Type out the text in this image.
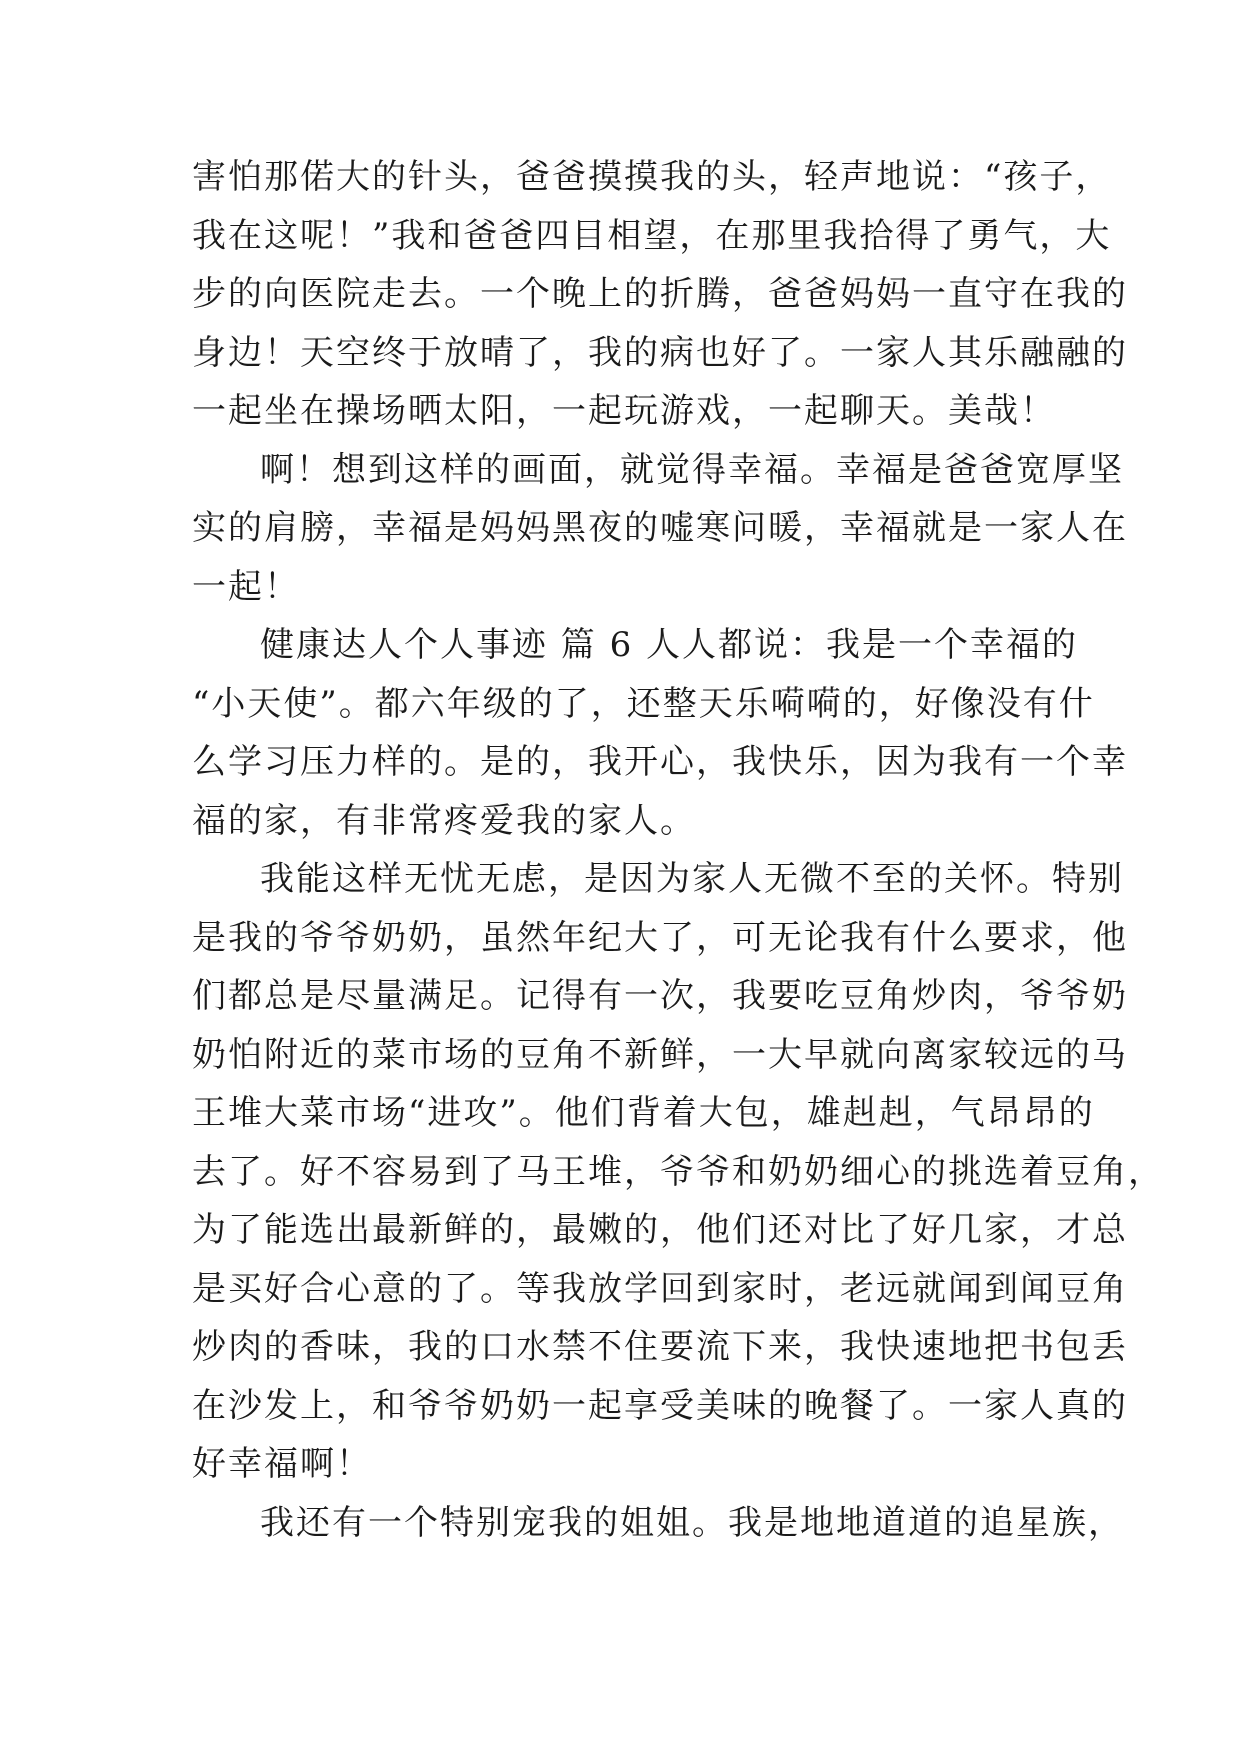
害怕那偌大的针头，爸爸摸摸我的头，轻声地说：“孩子，
我在这呢！”我和爸爸四目相望，在那里我拾得了勇气，大
步的向医院走去。一个晚上的折腾，爸爸妈妈一直守在我的
身边！天空终于放晴了，我的病也好了。一家人其乐融融的
一起坐在操场晒太阳，一起玩游戏，一起聊天。美哉！
啊！想到这样的画面，就觉得幸福。幸福是爸爸宽厚坚
实的肩膀，幸福是妈妈黑夜的嘘寒问暖，幸福就是一家人在
一起！
健康达人个人事迹 篇 6 人人都说：我是一个幸福的
“小天使”。都六年级的了，还整天乐嗬嗬的，好像没有什
么学习压力样的。是的，我开心，我快乐，因为我有一个幸
福的家，有非常疼爱我的家人。
我能这样无忧无虑，是因为家人无微不至的关怀。特别
是我的爷爷奶奶，虽然年纪大了，可无论我有什么要求，他
们都总是尽量满足。记得有一次，我要吃豆角炒肉，爷爷奶
奶怕附近的菜市场的豆角不新鲜，一大早就向离家较远的马
王堆大菜市场“进攻”。他们背着大包，雄赳赳，气昂昂的
去了。好不容易到了马王堆，爷爷和奶奶细心的挑选着豆角，
为了能选出最新鲜的，最嫩的，他们还对比了好几家，才总
是买好合心意的了。等我放学回到家时，老远就闻到闻豆角
炒肉的香味，我的口水禁不住要流下来，我快速地把书包丢
在沙发上，和爷爷奶奶一起享受美味的晚餐了。一家人真的
好幸福啊！
我还有一个特别宠我的姐姐。我是地地道道的追星族，
